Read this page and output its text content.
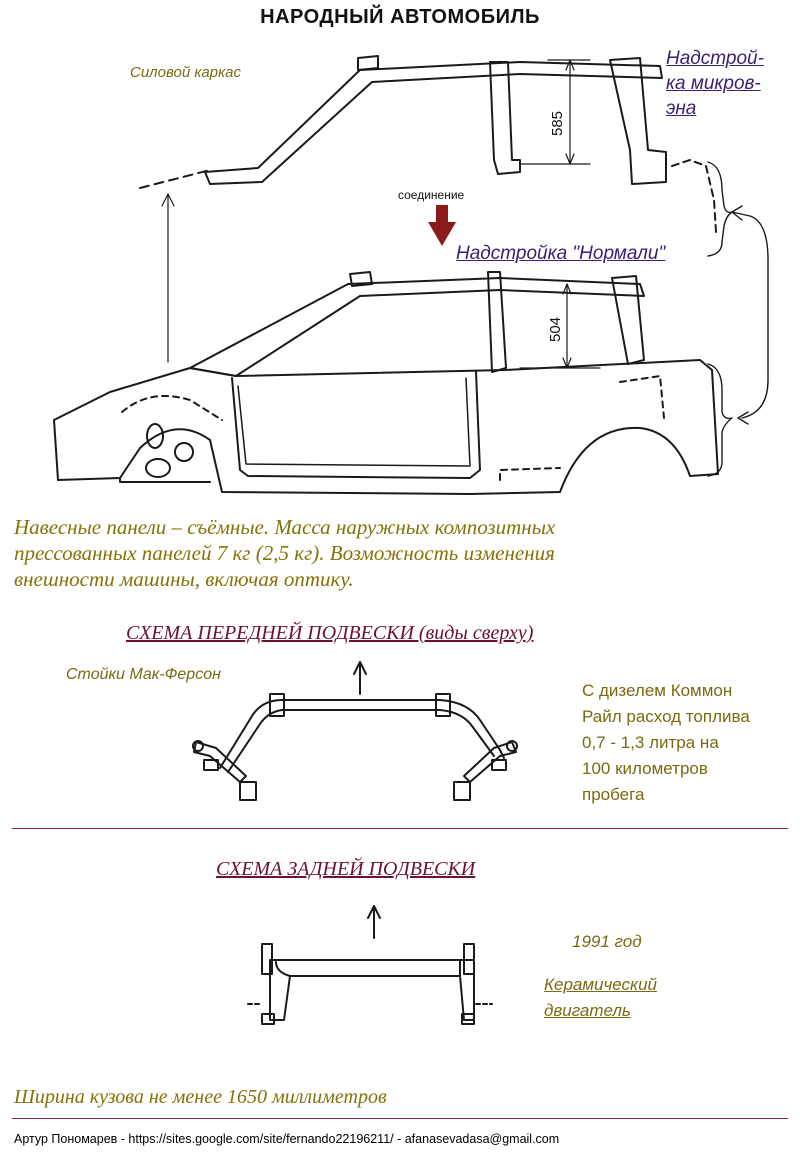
НАРОДНЫЙ АВТОМОБИЛЬ
585
504
Силовой каркас
Надстрой-
ка микров-
эна
соединение
Надстройка "Нормали"
Навесные панели – съёмные. Масса наружных композитных
прессованных панелей 7 кг (2,5 кг). Возможность изменения
внешности машины, включая оптику.
СХЕМА ПЕРЕДНЕЙ ПОДВЕСКИ (виды сверху)
Стойки Мак-Ферсон
С дизелем Коммон
Райл расход топлива
0,7 - 1,3 литра на
100 километров
пробега
СХЕМА ЗАДНЕЙ ПОДВЕСКИ
1991 год
Керамический
двигатель
Ширина кузова не менее 1650 миллиметров
Артур Пономарев - https://sites.google.com/site/fernando22196211/ - afanasevadasa@gmail.com
